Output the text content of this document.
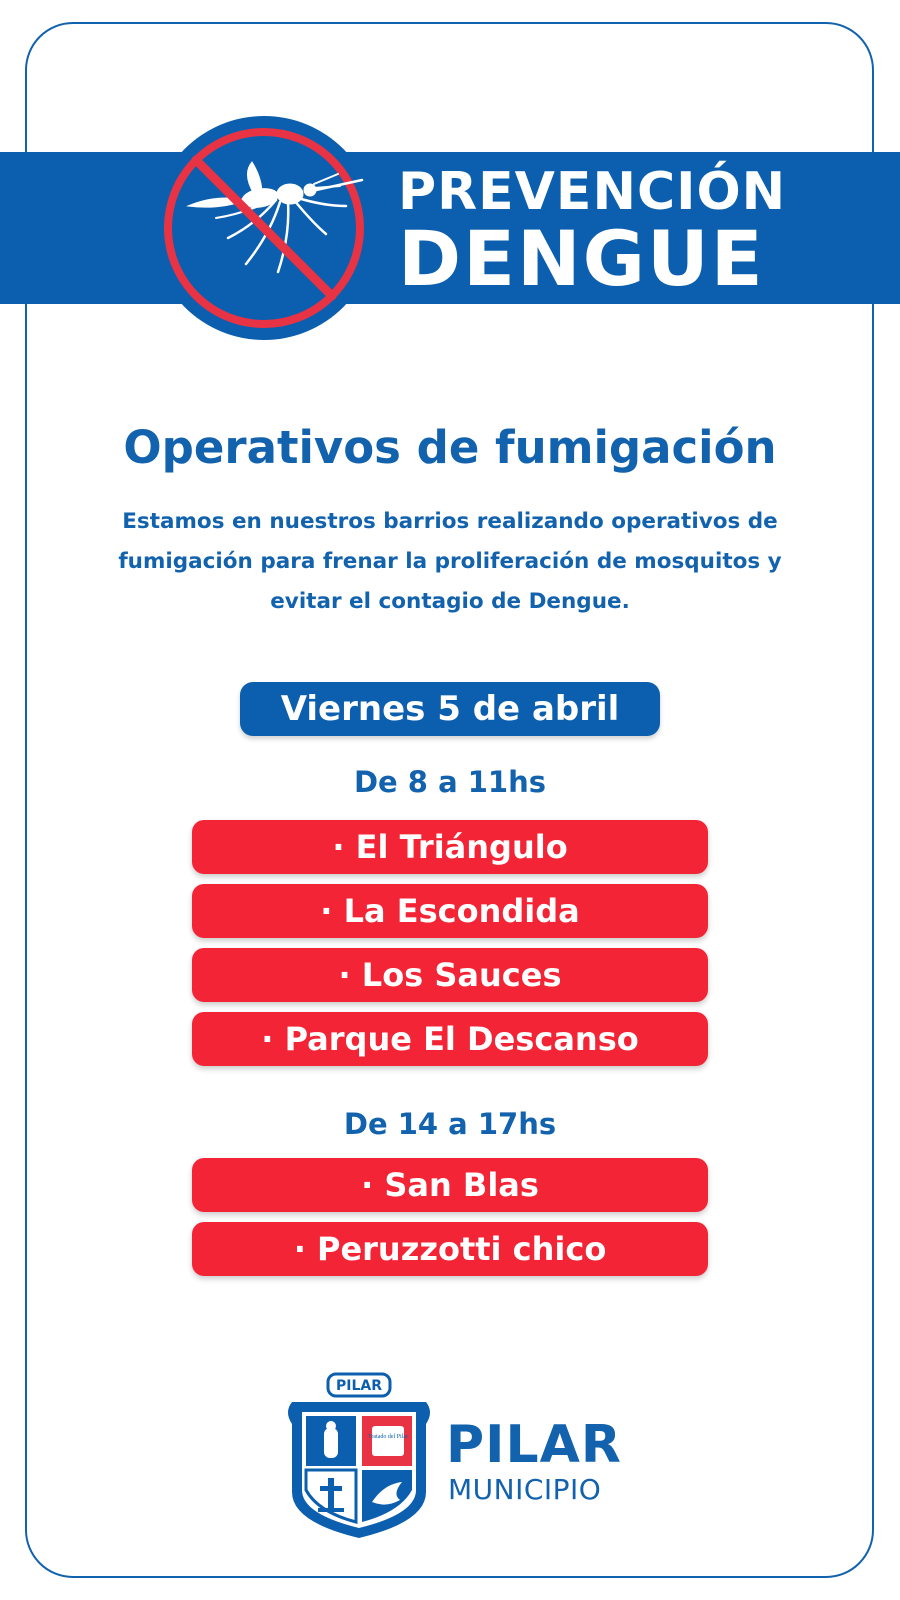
PREVENCIÓN
DENGUE
Operativos de fumigación
Estamos en nuestros barrios realizando operativos de fumigación para frenar la proliferación de mosquitos y evitar el contagio de Dengue.
Viernes 5 de abril
De 8 a 11hs
· El Triángulo
· La Escondida
· Los Sauces
· Parque El Descanso
De 14 a 17hs
· San Blas
· Peruzzotti chico
Tratado del Pilar
PILAR
PILAR
MUNICIPIO
